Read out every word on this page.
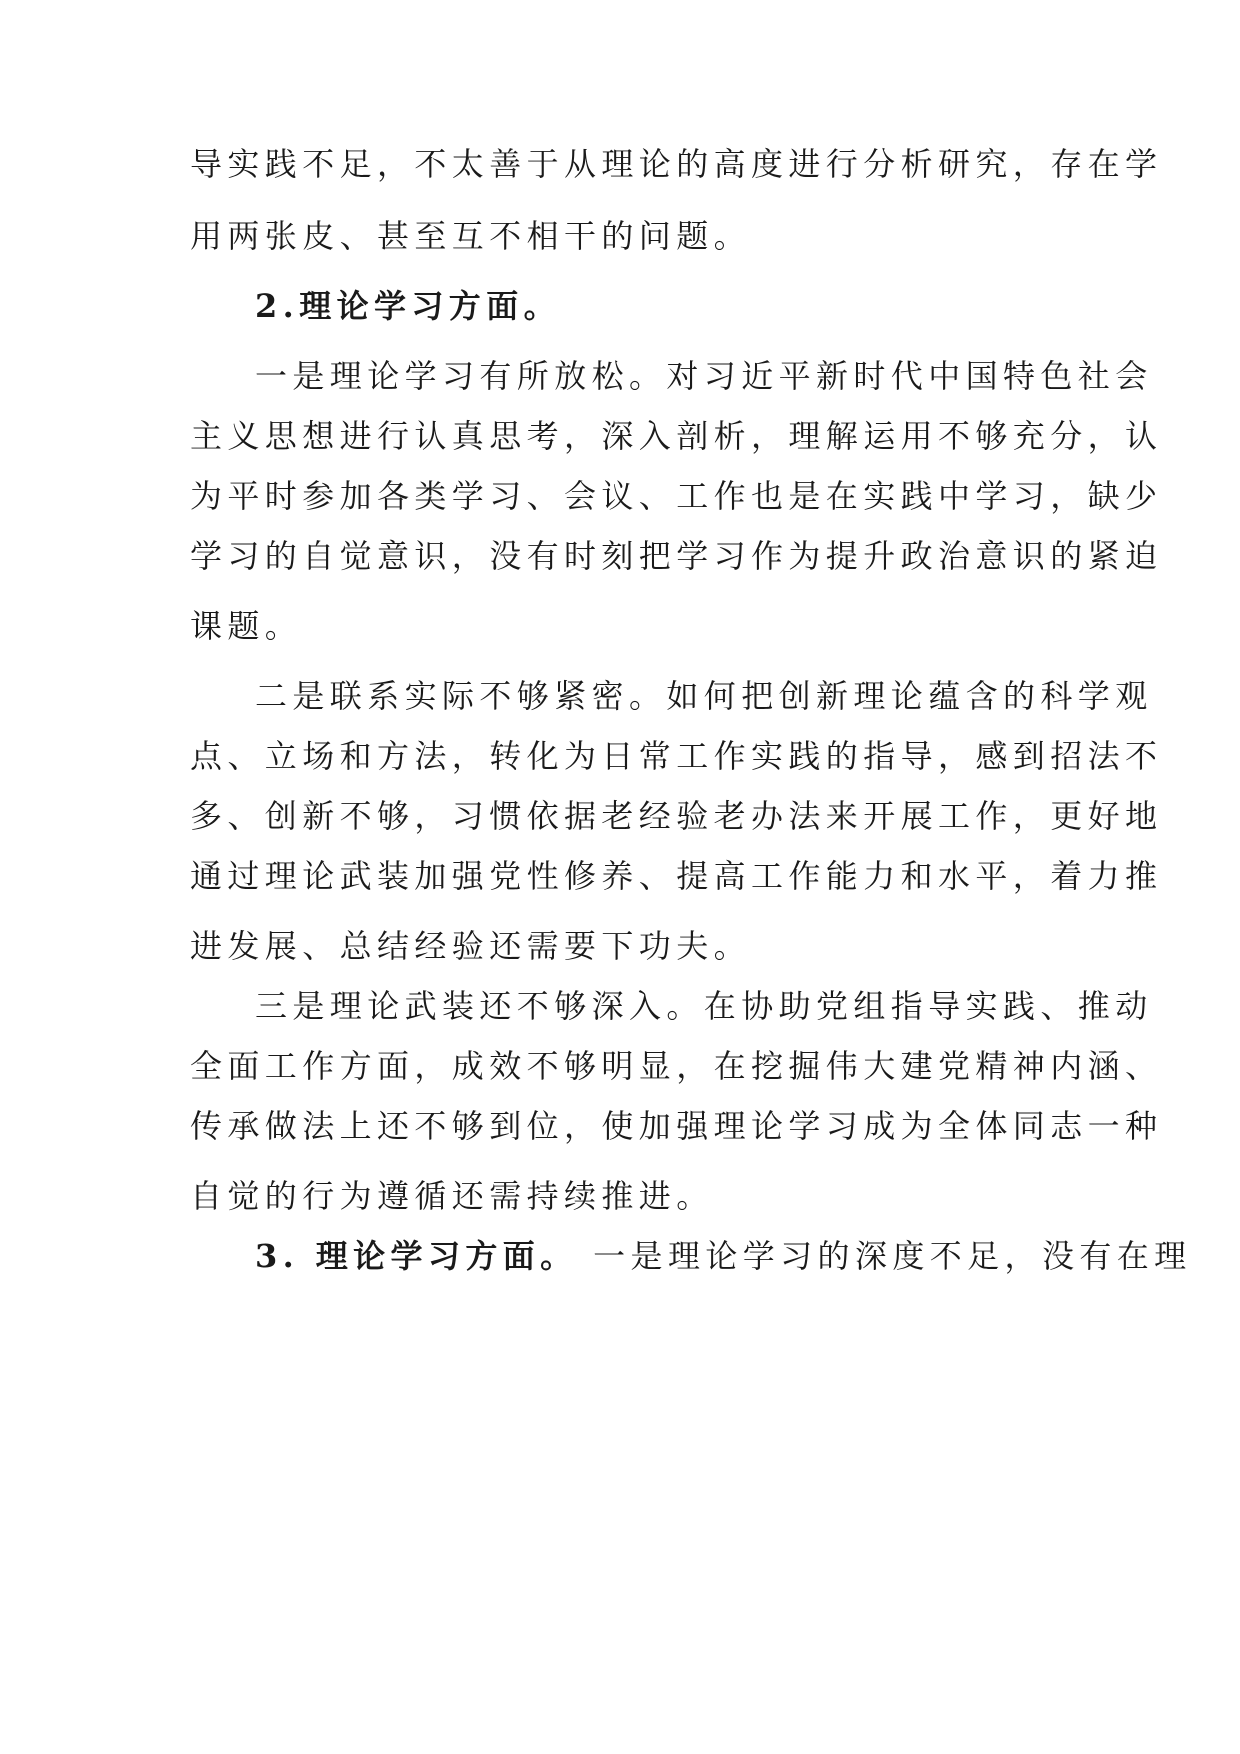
导实践不足，不太善于从理论的高度进行分析研究，存在学
用两张皮、甚至互不相干的问题。
2.理论学习方面。
一是理论学习有所放松。对习近平新时代中国特色社会
主义思想进行认真思考，深入剖析，理解运用不够充分，认
为平时参加各类学习、会议、工作也是在实践中学习，缺少
学习的自觉意识，没有时刻把学习作为提升政治意识的紧迫
课题。
二是联系实际不够紧密。如何把创新理论蕴含的科学观
点、立场和方法，转化为日常工作实践的指导，感到招法不
多、创新不够，习惯依据老经验老办法来开展工作，更好地
通过理论武装加强党性修养、提高工作能力和水平，着力推
进发展、总结经验还需要下功夫。
三是理论武装还不够深入。在协助党组指导实践、推动
全面工作方面，成效不够明显，在挖掘伟大建党精神内涵、
传承做法上还不够到位，使加强理论学习成为全体同志一种
自觉的行为遵循还需持续推进。
3. 理论学习方面。 一是理论学习的深度不足，没有在理
